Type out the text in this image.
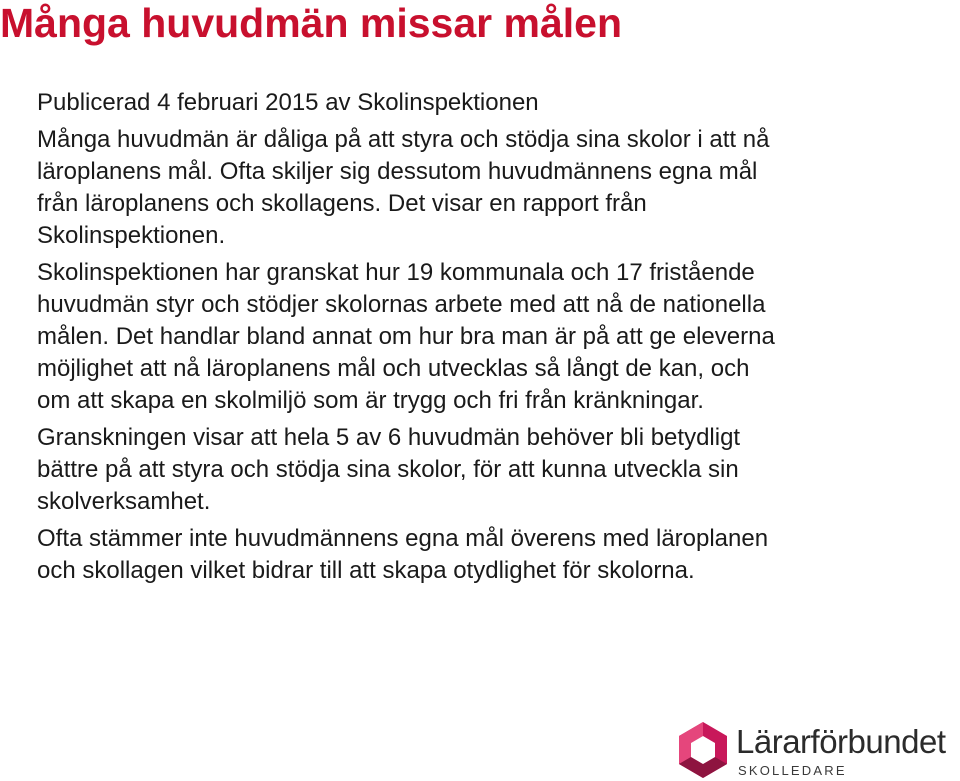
Många huvudmän missar målen

Publicerad 4 februari 2015 av Skolinspektionen

Många huvudmän är dåliga på att styra och stödja sina skolor i att nå läroplanens mål. Ofta skiljer sig dessutom huvudmännens egna mål från läroplanens och skollagens. Det visar en rapport från Skolinspektionen.

Skolinspektionen har granskat hur 19 kommunala och 17 fristående huvudmän styr och stödjer skolornas arbete med att nå de nationella målen. Det handlar bland annat om hur bra man är på att ge eleverna möjlighet att nå läroplanens mål och utvecklas så långt de kan, och om att skapa en skolmiljö som är trygg och fri från kränkningar.

Granskningen visar att hela 5 av 6 huvudmän behöver bli betydligt bättre på att styra och stödja sina skolor, för att kunna utveckla sin skolverksamhet.

Ofta stämmer inte huvudmännens egna mål överens med läroplanen och skollagen vilket bidrar till att skapa otydlighet för skolorna.

Lärarförbundet
SKOLLEDARE
